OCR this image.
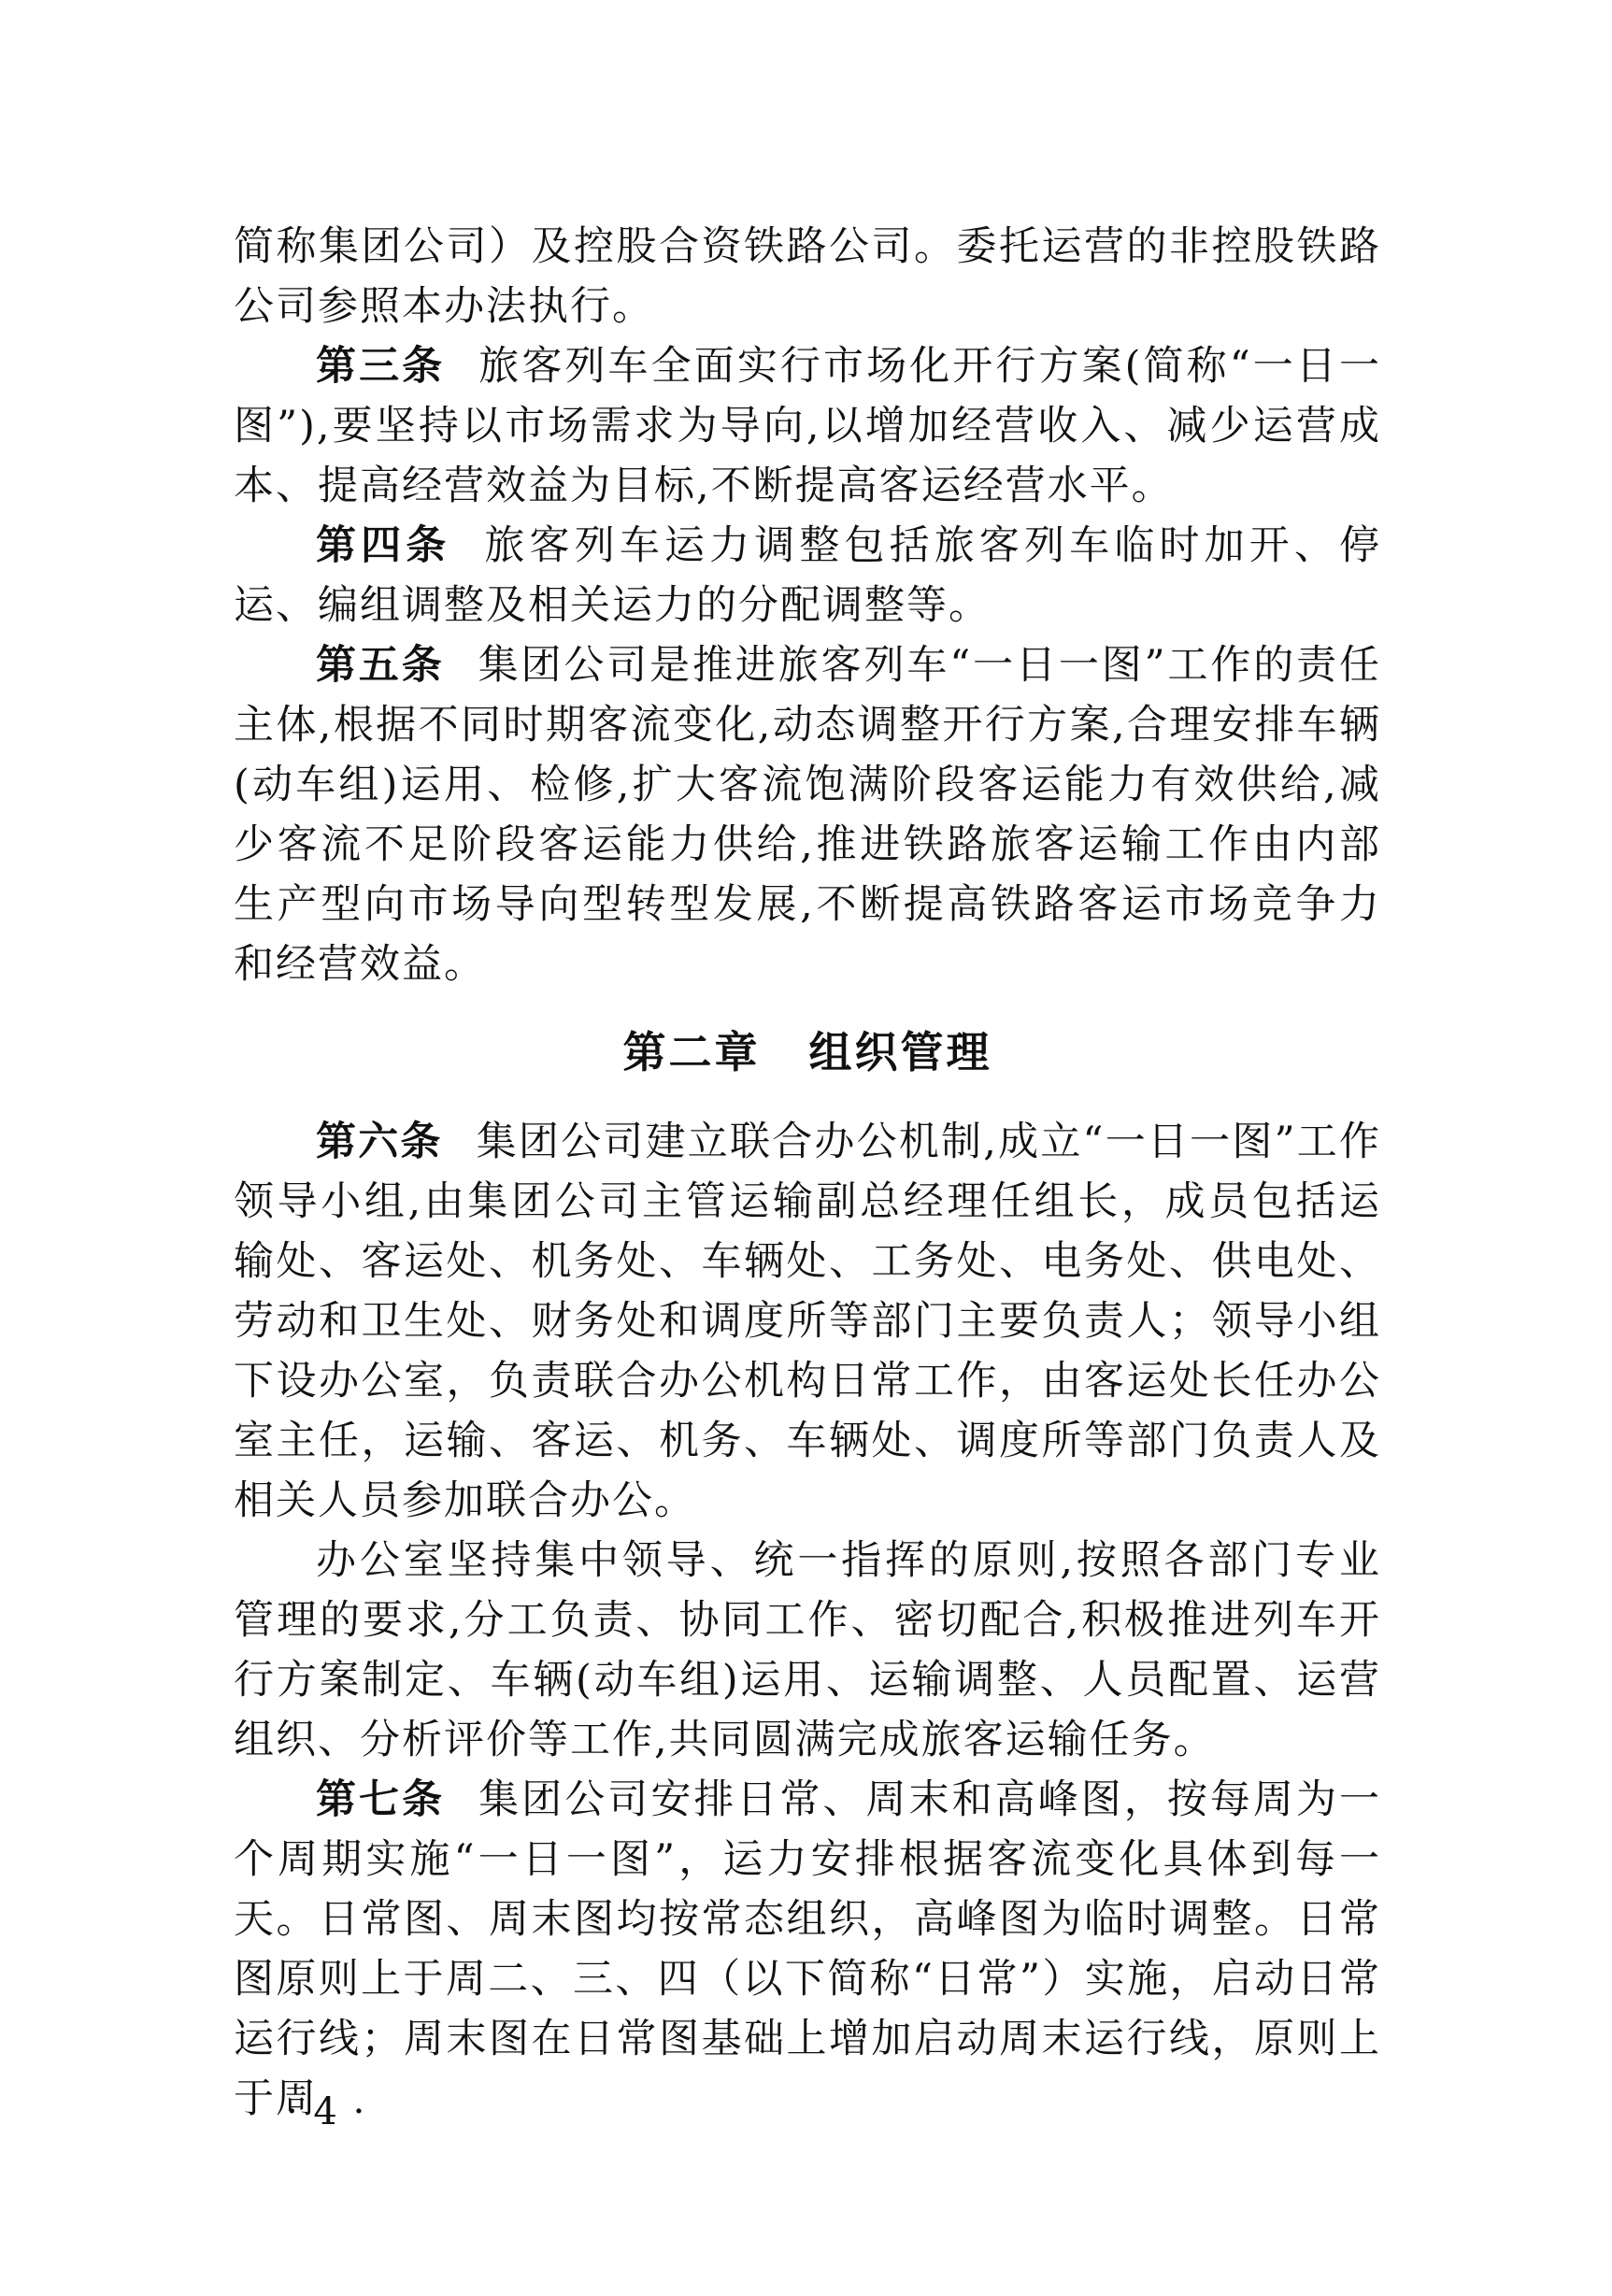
简称集团公司）及控股合资铁路公司。委托运营的非控股铁路公司参照本办法执行。

第三条 旅客列车全面实行市场化开行方案(简称“一日一图”),要坚持以市场需求为导向,以增加经营收入、减少运营成本、提高经营效益为目标,不断提高客运经营水平。

第四条 旅客列车运力调整包括旅客列车临时加开、停运、编组调整及相关运力的分配调整等。

第五条 集团公司是推进旅客列车“一日一图”工作的责任主体,根据不同时期客流变化,动态调整开行方案,合理安排车辆(动车组)运用、检修,扩大客流饱满阶段客运能力有效供给,减少客流不足阶段客运能力供给,推进铁路旅客运输工作由内部生产型向市场导向型转型发展,不断提高铁路客运市场竞争力和经营效益。

第二章 组织管理

第六条 集团公司建立联合办公机制,成立“一日一图”工作领导小组,由集团公司主管运输副总经理任组长，成员包括运输处、客运处、机务处、车辆处、工务处、电务处、供电处、劳动和卫生处、财务处和调度所等部门主要负责人；领导小组下设办公室，负责联合办公机构日常工作，由客运处长任办公室主任，运输、客运、机务、车辆处、调度所等部门负责人及相关人员参加联合办公。

办公室坚持集中领导、统一指挥的原则,按照各部门专业管理的要求,分工负责、协同工作、密切配合,积极推进列车开行方案制定、车辆(动车组)运用、运输调整、人员配置、运营组织、分析评价等工作,共同圆满完成旅客运输任务。

第七条 集团公司安排日常、周末和高峰图，按每周为一个周期实施“一日一图”，运力安排根据客流变化具体到每一天。日常图、周末图均按常态组织，高峰图为临时调整。日常图原则上于周二、三、四（以下简称“日常”）实施，启动日常运行线；周末图在日常图基础上增加启动周末运行线，原则上于周

· 4 ·
